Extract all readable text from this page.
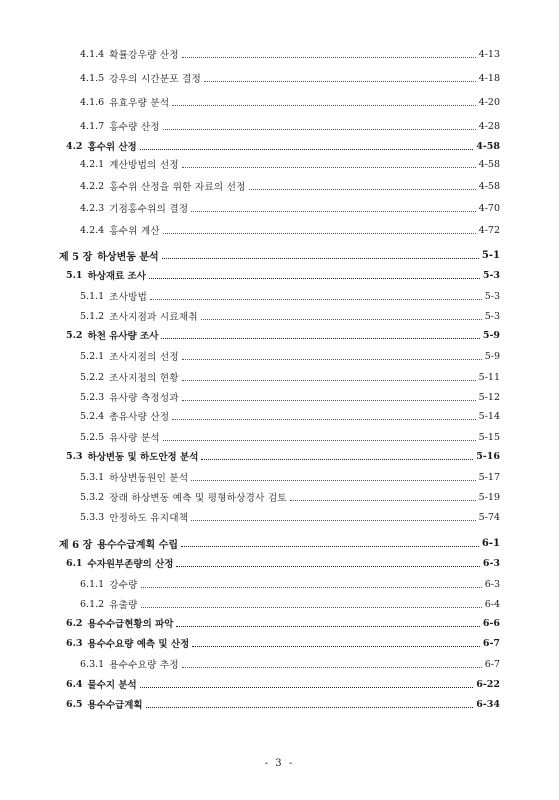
4.1.4 확률강우량 산정	4-13
4.1.5 강우의 시간분포 결정	4-18
4.1.6 유효우량 분석	4-20
4.1.7 홍수량 산정	4-28
4.2 홍수위 산정	4-58
4.2.1 계산방법의 선정	4-58
4.2.2 홍수위 산정을 위한 자료의 선정	4-58
4.2.3 기점홍수위의 결정	4-70
4.2.4 홍수위 계산	4-72
제 5 장 하상변동 분석	5-1
5.1 하상재료 조사	5-3
5.1.1 조사방법	5-3
5.1.2 조사지점과 시료채취	5-3
5.2 하천 유사량 조사	5-9
5.2.1 조사지점의 선정	5-9
5.2.2 조사지점의 현황	5-11
5.2.3 유사량 측정성과	5-12
5.2.4 총유사량 산정	5-14
5.2.5 유사량 분석	5-15
5.3 하상변동 및 하도안정 분석	5-16
5.3.1 하상변동원인 분석	5-17
5.3.2 장래 하상변동 예측 및 평형하상경사 검토	5-19
5.3.3 안정하도 유지대책	5-74
제 6 장 용수수급계획 수립	6-1
6.1 수자원부존량의 산정	6-3
6.1.1 강수량	6-3
6.1.2 유출량	6-4
6.2 용수수급현황의 파악	6-6
6.3 용수수요량 예측 및 산정	6-7
6.3.1 용수수요량 추정	6-7
6.4 물수지 분석	6-22
6.5 용수수급계획	6-34
- 3 -
